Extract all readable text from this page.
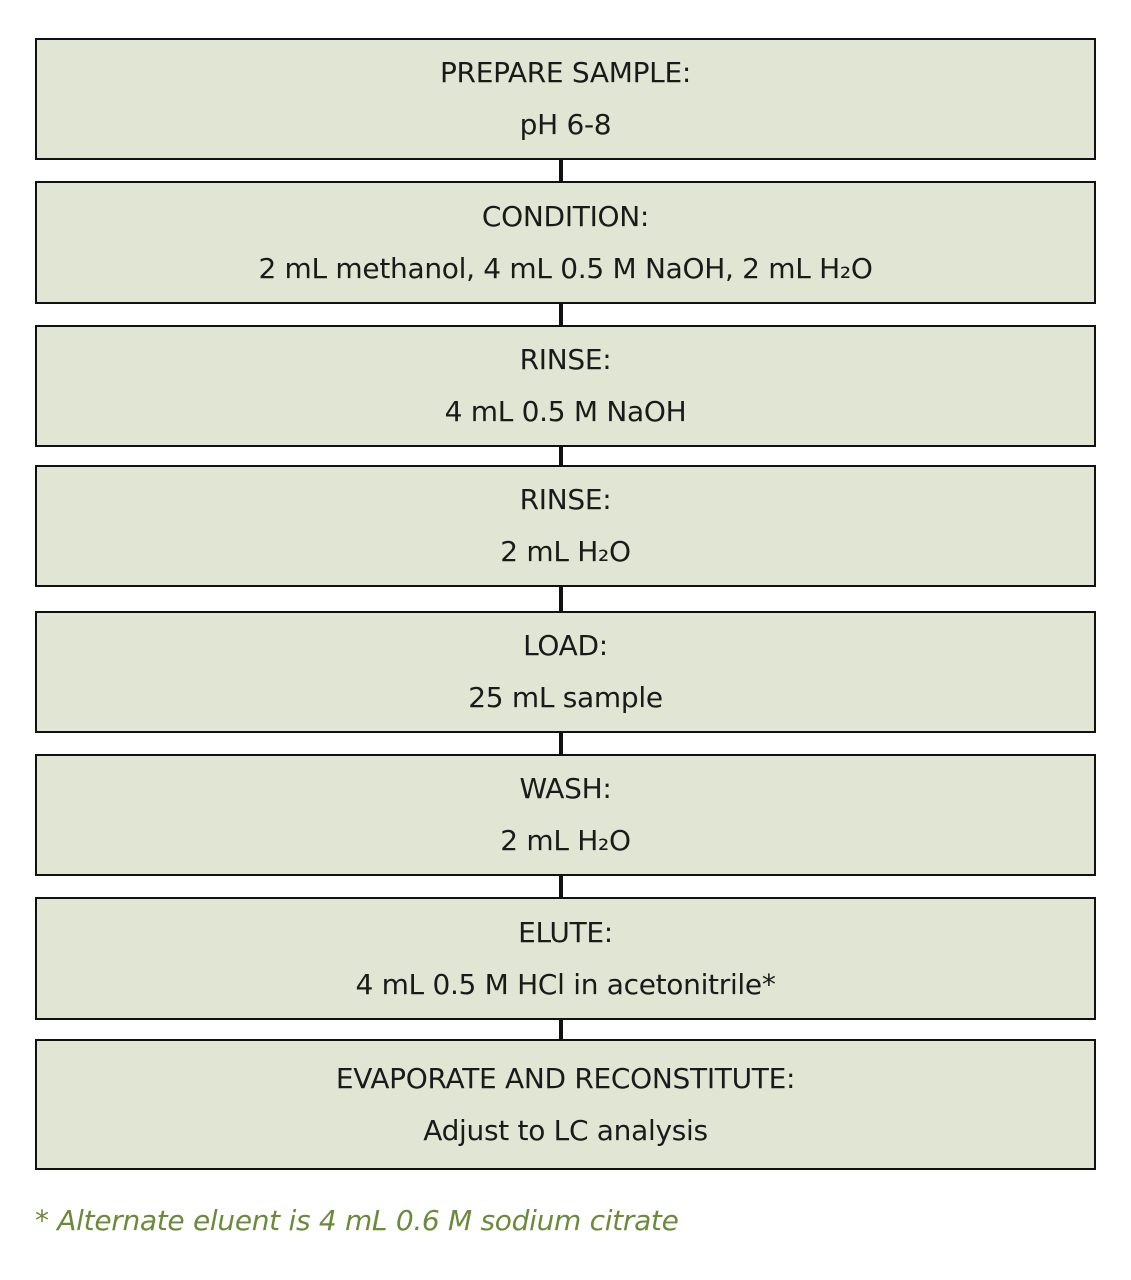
PREPARE SAMPLE:
pH 6-8
CONDITION:
2 mL methanol, 4 mL 0.5 M NaOH, 2 mL H₂O
RINSE:
4 mL 0.5 M NaOH
RINSE:
2 mL H₂O
LOAD:
25 mL sample
WASH:
2 mL H₂O
ELUTE:
4 mL 0.5 M HCl in acetonitrile*
EVAPORATE AND RECONSTITUTE:
Adjust to LC analysis
* Alternate eluent is 4 mL 0.6 M sodium citrate
